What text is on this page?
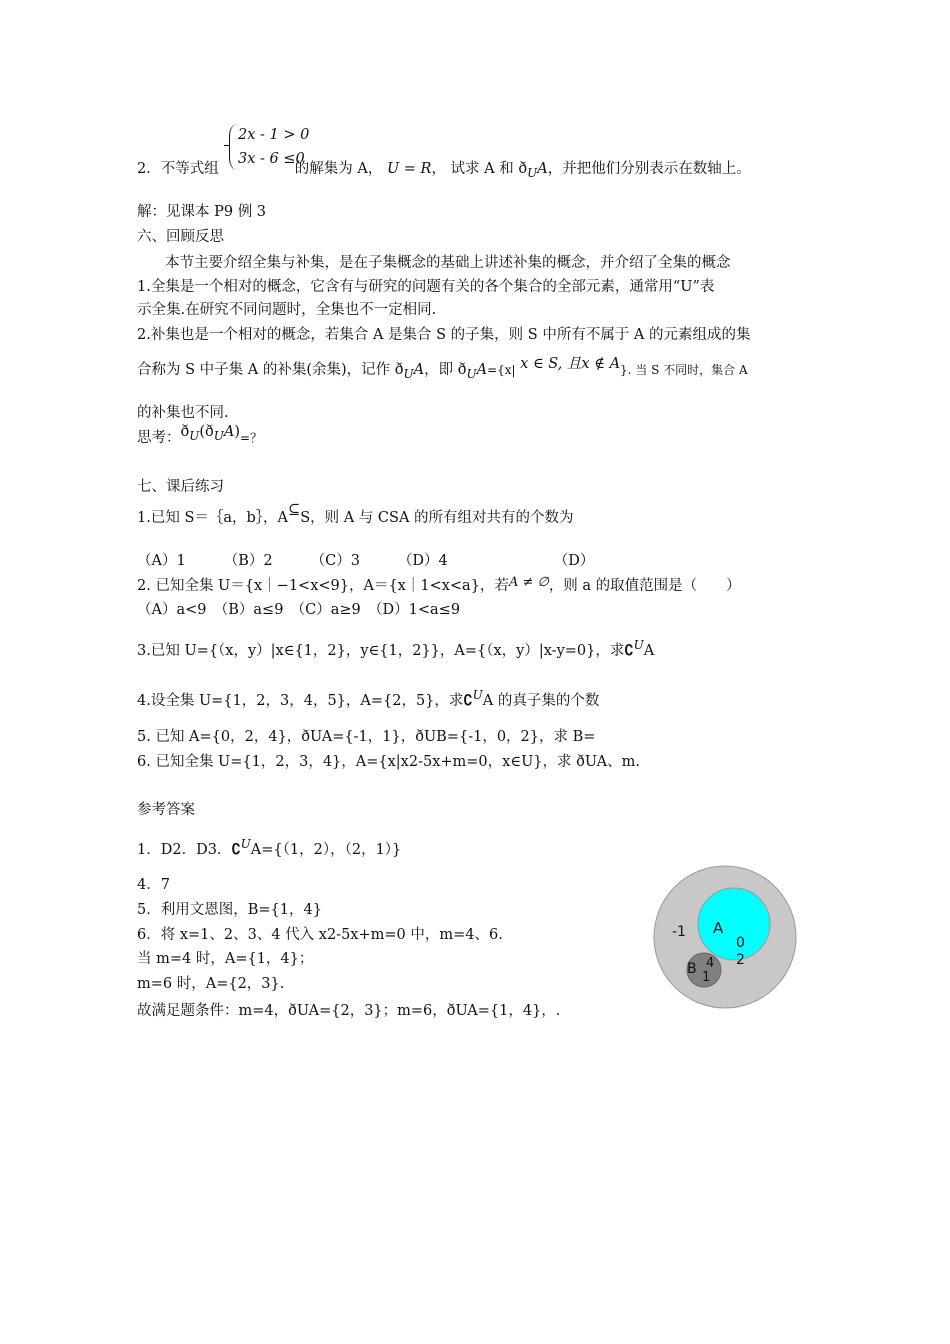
2x - 1 > 0
3x - 6 ≤0
2．不等式组	的解集为 A， U = R， 试求 A 和 $ð_UA$，并把他们分别表示在数轴上。
解：见课本 P9 例 3
六、回顾反思
本节主要介绍全集与补集，是在子集概念的基础上讲述补集的概念，并介绍了全集的概念
1.全集是一个相对的概念，它含有与研究的问题有关的各个集合的全部元素，通常用“U”表
示全集.在研究不同问题时，全集也不一定相同.
2.补集也是一个相对的概念，若集合 A 是集合 S 的子集，则 S 中所有不属于 A 的元素组成的集
合称为 S 中子集 A 的补集(余集)，记作 $ð_UA$，即 $ð_UA=\{x|$ x ∈ S, 且x ∉ A}. 当 S 不同时，集合 A
的补集也不同.
思考：$ð_U(ð_UA)=$？
七、课后练习
1.已知 S＝｛a，b｝，A⊆S，则 A 与 CSA 的所有组对共有的个数为
（A）1	（B）2	（C）3	（D）4	（D）
2. 已知全集 U＝{x｜−1<x<9}，A＝{x｜1<x<a}，若A ≠ ∅，则 a 的取值范围是（　　）
（A）a<9　（B）a≤9　（C）a≥9　（D）1<a≤9
3.已知 U={（x，y）|x∈{1，2}，y∈{1，2}}，A={（x，y）|x-y=0}，求∁$^U$A
4.设全集 U={1，2，3，4，5}，A={2，5}，求∁$^U$A 的真子集的个数
5. 已知 A={0，2，4}，ðUA={-1，1}，ðUB={-1，0，2}，求 B=
6. 已知全集 U={1，2，3，4}，A={x|x2-5x+m=0，x∈U}，求 ðUA、m.
参考答案
1．D2．D3．∁$^U$A={（1，2），（2，1）}
4．7
5．利用文恩图，B={1，4}
6．将 x=1、2、3、4 代入 x2-5x+m=0 中，m=4、6.
当 m=4 时，A={1，4}；
m=6 时，A={2，3}.
故满足题条件：m=4，ðUA={2，3}；m=6，ðUA={1，4}，.
-1 A
0
2
B 4
1
